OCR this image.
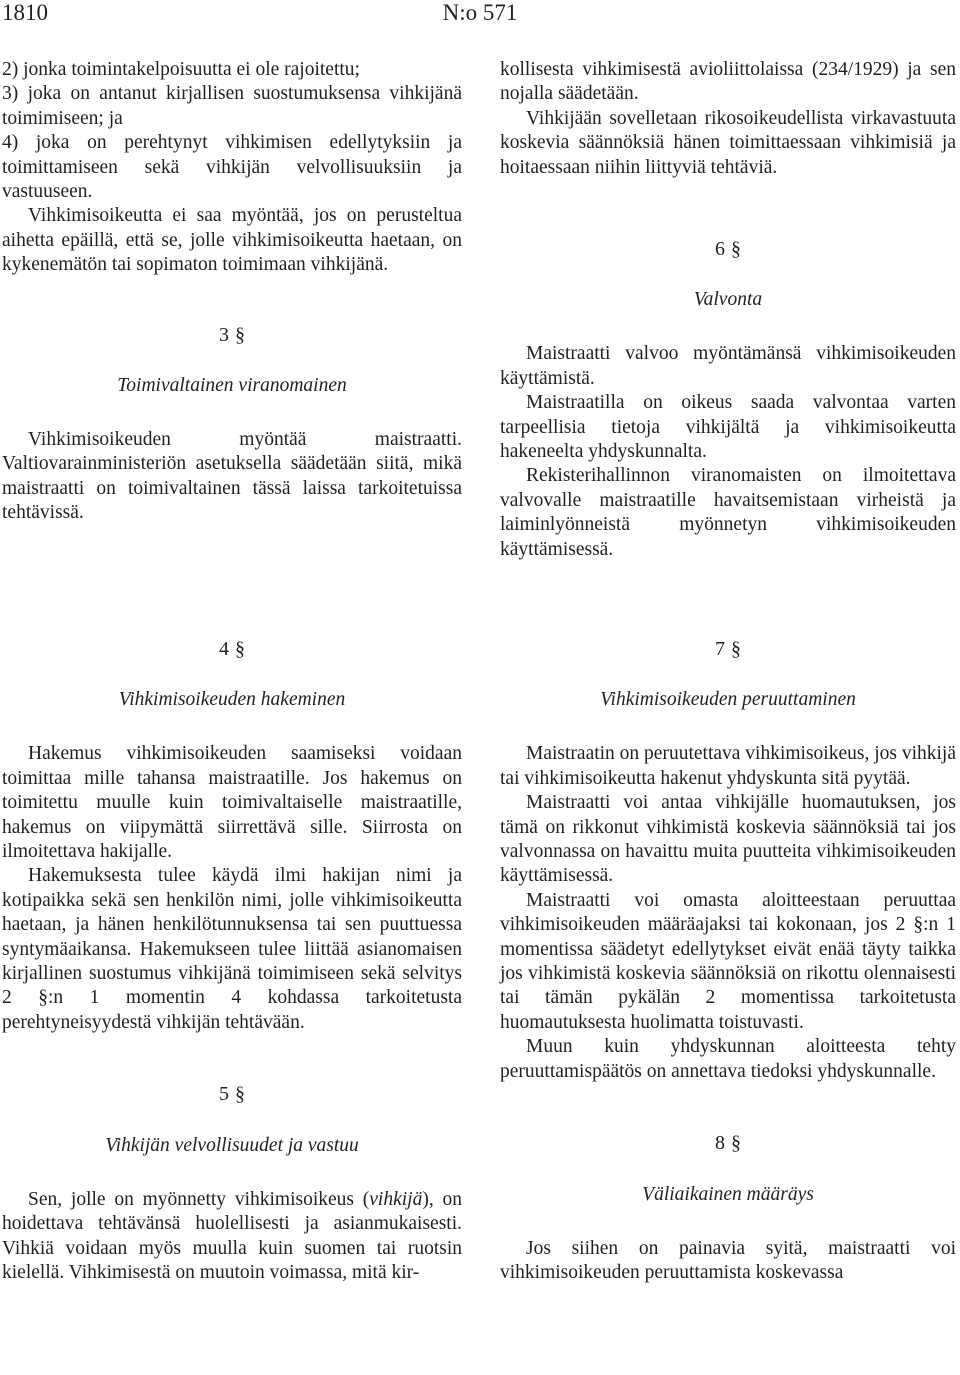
1810	N:o 571

2) jonka toimintakelpoisuutta ei ole rajoitettu;

3) joka on antanut kirjallisen suostumuksensa vihkijänä toimimiseen; ja

4) joka on perehtynyt vihkimisen edellytyksiin ja toimittamiseen sekä vihkijän velvollisuuksiin ja vastuuseen.

Vihkimisoikeutta ei saa myöntää, jos on perusteltua aihetta epäillä, että se, jolle vihkimisoikeutta haetaan, on kykenemätön tai sopimaton toimimaan vihkijänä.

3 §
Toimivaltainen viranomainen

Vihkimisoikeuden myöntää maistraatti. Valtiovarainministeriön asetuksella säädetään siitä, mikä maistraatti on toimivaltainen tässä laissa tarkoitetuissa tehtävissä.

kollisesta vihkimisestä avioliittolaissa (234/1929) ja sen nojalla säädetään.

Vihkijään sovelletaan rikosoikeudellista virkavastuuta koskevia säännöksiä hänen toimittaessaan vihkimisiä ja hoitaessaan niihin liittyviä tehtäviä.

6 §
Valvonta

Maistraatti valvoo myöntämänsä vihkimisoikeuden käyttämistä.

Maistraatilla on oikeus saada valvontaa varten tarpeellisia tietoja vihkijältä ja vihkimisoikeutta hakeneelta yhdyskunnalta.

Rekisterihallinnon viranomaisten on ilmoitettava valvovalle maistraatille havaitsemistaan virheistä ja laiminlyönneistä myönnetyn vihkimisoikeuden käyttämisessä.

4 §
Vihkimisoikeuden hakeminen

Hakemus vihkimisoikeuden saamiseksi voidaan toimittaa mille tahansa maistraatille. Jos hakemus on toimitettu muulle kuin toimivaltaiselle maistraatille, hakemus on viipymättä siirrettävä sille. Siirrosta on ilmoitettava hakijalle.

Hakemuksesta tulee käydä ilmi hakijan nimi ja kotipaikka sekä sen henkilön nimi, jolle vihkimisoikeutta haetaan, ja hänen henkilötunnuksensa tai sen puuttuessa syntymäaikansa. Hakemukseen tulee liittää asianomaisen kirjallinen suostumus vihkijänä toimimiseen sekä selvitys 2 §:n 1 momentin 4 kohdassa tarkoitetusta perehtyneisyydestä vihkijän tehtävään.

5 §
Vihkijän velvollisuudet ja vastuu

Sen, jolle on myönnetty vihkimisoikeus (vihkijä), on hoidettava tehtävänsä huolellisesti ja asianmukaisesti. Vihkiä voidaan myös muulla kuin suomen tai ruotsin kielellä. Vihkimisestä on muutoin voimassa, mitä kir-

7 §
Vihkimisoikeuden peruuttaminen

Maistraatin on peruutettava vihkimisoikeus, jos vihkijä tai vihkimisoikeutta hakenut yhdyskunta sitä pyytää.

Maistraatti voi antaa vihkijälle huomautuksen, jos tämä on rikkonut vihkimistä koskevia säännöksiä tai jos valvonnassa on havaittu muita puutteita vihkimisoikeuden käyttämisessä.

Maistraatti voi omasta aloitteestaan peruuttaa vihkimisoikeuden määräajaksi tai kokonaan, jos 2 §:n 1 momentissa säädetyt edellytykset eivät enää täyty taikka jos vihkimistä koskevia säännöksiä on rikottu olennaisesti tai tämän pykälän 2 momentissa tarkoitetusta huomautuksesta huolimatta toistuvasti.

Muun kuin yhdyskunnan aloitteesta tehty peruuttamispäätös on annettava tiedoksi yhdyskunnalle.

8 §
Väliaikainen määräys

Jos siihen on painavia syitä, maistraatti voi vihkimisoikeuden peruuttamista koskevassa
